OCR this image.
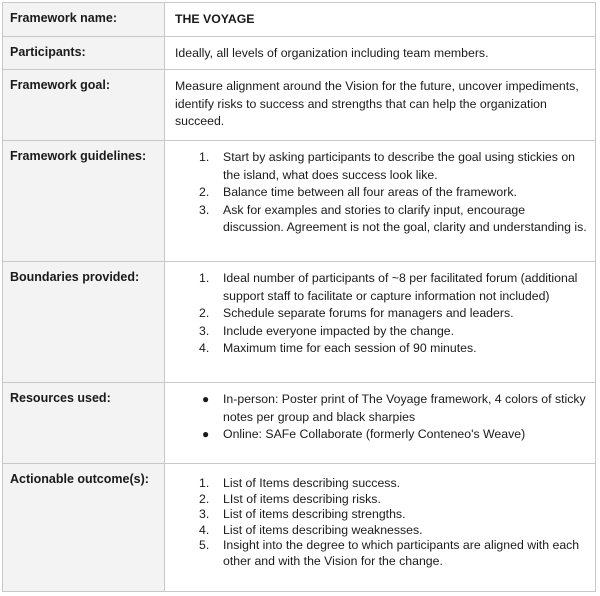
Framework name:	THE VOYAGE
Participants:	Ideally, all levels of organization including team members.
Framework goal:	Measure alignment around the Vision for the future, uncover impediments, identify risks to success and strengths that can help the organization succeed.
Framework guidelines:	1.	Start by asking participants to describe the goal using stickies on the island, what does success look like.
2.	Balance time between all four areas of the framework.
3.	Ask for examples and stories to clarify input, encourage discussion. Agreement is not the goal, clarity and understanding is.
Boundaries provided:	1.	Ideal number of participants of ~8 per facilitated forum (additional support staff to facilitate or capture information not included)
2.	Schedule separate forums for managers and leaders.
3.	Include everyone impacted by the change.
4.	Maximum time for each session of 90 minutes.
Resources used:	● In-person: Poster print of The Voyage framework, 4 colors of sticky notes per group and black sharpies
● Online: SAFe Collaborate (formerly Conteneo's Weave)
Actionable outcome(s):	1.	List of Items describing success.
2.	LIst of items describing risks.
3.	List of items describing strengths.
4.	List of items describing weaknesses.
5.	Insight into the degree to which participants are aligned with each other and with the Vision for the change.
